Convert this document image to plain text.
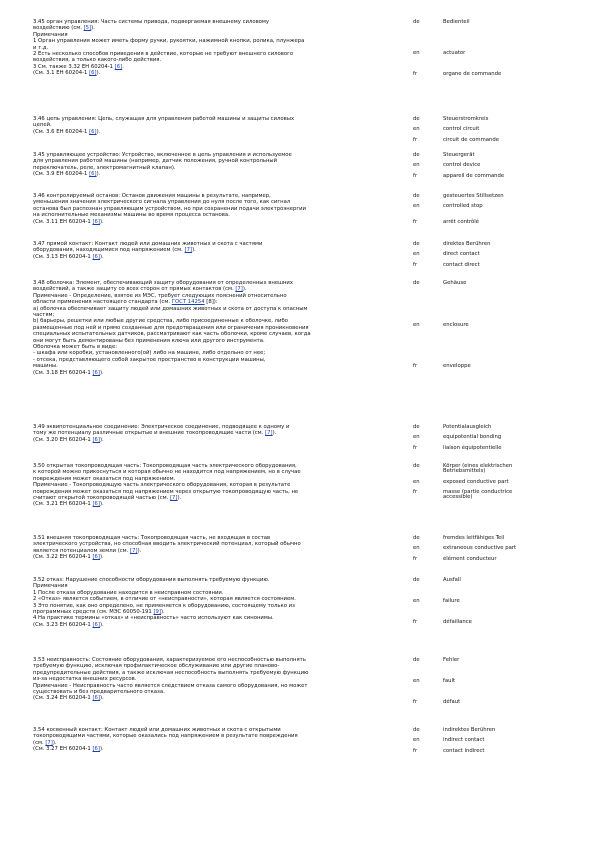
3.45 орган управления: Часть системы привода, подвергаемая внешнему силовому
воздействию (см. [5]).
Примечания
1 Орган управления может иметь форму ручки, рукоятки, нажимной кнопки, ролика, плунжера
и т.д.
2 Есть несколько способов приведения в действие, которые не требуют внешнего силового
воздействия, а только какого-либо действия.
3 См. также 3.32 ЕН 60204-1 [6].
(См. 3.1 ЕН 60204-1 [6]).
de	Bedienteil
en	actuator
fr	organe de commande
3.46 цепь управления: Цепь, служащая для управления работой машины и защиты силовых
цепей.
(См. 3.6 ЕН 60204-1 [6]).
de	Steuerstromkreis
en	control circuit
fr	circuit de commande
3.45 управляющее устройство: Устройство, включенное в цепь управления и используемое
для управления работой машины (например, датчик положения, ручной контрольный
переключатель, реле, электромагнитный клапан).
(См. 3.9 ЕН 60204-1 [6]).
de	Steuergerät
en	control device
fr	appareil de commande
3.46 контролируемый останов: Останов движения машины в результате, например,
уменьшения значения электрического сигнала управления до нуля после того, как сигнал
останова был распознан управляющим устройством, но при сохранении подачи электроэнергии
на исполнительные механизмы машины во время процесса останова.
(См. 3.11 ЕН 60204-1 [6]).
de	gesteuertes Stillsetzen
en	controlled stop
fr	arrêt contrôlé
3.47 прямой контакт: Контакт людей или домашних животных и скота с частями
оборудования, находящимися под напряжением (см. [7]).
(См. 3.13 ЕН 60204-1 [6]).
de	direktes Berühren
en	direct contact
fr	contact direct
3.48 оболочка: Элемент, обеспечивающий защиту оборудования от определенных внешних
воздействий, а также защиту со всех сторон от прямых контактов (см. [7]).
Примечание - Определение, взятое из МЭС, требует следующих пояснений относительно
области применения настоящего стандарта (см. ГОСТ 14254 [8]):
а) оболочка обеспечивает защиту людей или домашних животных и скота от доступа к опасным
частям;
b) барьеры, решетки или любые другие средства, либо присоединенные к оболочке, либо
размещенные под ней и прямо созданные для предотвращения или ограничения проникновения
специальных испытательных датчиков, рассматривают как часть оболочки, кроме случаев, когда
они могут быть демонтированы без применения ключа или другого инструмента.
Оболочка может быть в виде:
- шкафа или коробки, установленного(ой) либо на машине, либо отдельно от нее;
- отсека, представляющего собой закрытое пространство в конструкции машины,
машины.
(См. 3.18 ЕН 60204-1 [6]).
de	Gehäuse
en	enclosure
fr	enveloppe
3.49 эквипотенциальное соединение: Электрическое соединение, подводящее к одному и
тому же потенциалу различные открытые и внешние токопроводящие части (см. [7]).
(См. 3.20 ЕН 60204-1 [6]).
de	Potentialausgleich
en	equipotential bonding
fr	liaison équipotentielle
3.50 открытая токопроводящая часть: Токопроводящая часть электрического оборудования,
к которой можно прикоснуться и которая обычно не находится под напряжением, но в случае
повреждения может оказаться под напряжением.
Примечание - Токопроводящую часть электрического оборудования, которая в результате
повреждения может оказаться под напряжением через открытую токопроводящую часть, не
считают открытой токопроводящей частью (см. [7]).
(См. 3.21 ЕН 60204-1 [6]).
de	Körper (eines elektrischen
Betriebsmittels)
en	exposed conductive part
fr	masse (partie conductrice
accessible)
3.51 внешняя токопроводящая часть: Токопроводящая часть, не входящая в состав
электрического устройства, но способная вводить электрический потенциал, который обычно
является потенциалом земли (см. [7]).
(См. 3.22 ЕН 60204-1 [6]).
de	fremdes leitfähiges Teil
en	extraneous conductive part
fr	élément conducteur
3.52 отказ: Нарушение способности оборудования выполнять требуемую функцию.
Примечания
1 После отказа оборудование находится в неисправном состоянии.
2 «Отказ» является событием, в отличие от «неисправности», которая является состоянием.
3 Это понятие, как оно определено, не применяется к оборудованию, состоящему только из
программных средств (см. МЭС 60050-191 [9]).
4 На практике термины «отказ» и «неисправность» часто используют как синонимы.
(См. 3.23 ЕН 60204-1 [6]).
de	Ausfall
en	failure
fr	défaillance
3.53 неисправность: Состояние оборудования, характеризуемое его неспособностью выполнять
требуемую функцию, исключая профилактическое обслуживание или другие планово-
предупредительные действия, а также исключая неспособность выполнять требуемую функцию
из-за недостатка внешних ресурсов.
Примечание - Неисправность часто является следствием отказа самого оборудования, но может
существовать и без предварительного отказа.
(См. 3.24 ЕН 60204-1 [6]).
de	Fehler
en	fault
fr	défaut
3.54 косвенный контакт: Контакт людей или домашних животных и скота с открытыми
токопроводящими частями, которые оказались под напряжением в результате повреждения
(см. [7]).
(См. 3.27 ЕН 60204-1 [6]).
de	indirektes Berühren
en	indirect contact
fr	contact indirect
